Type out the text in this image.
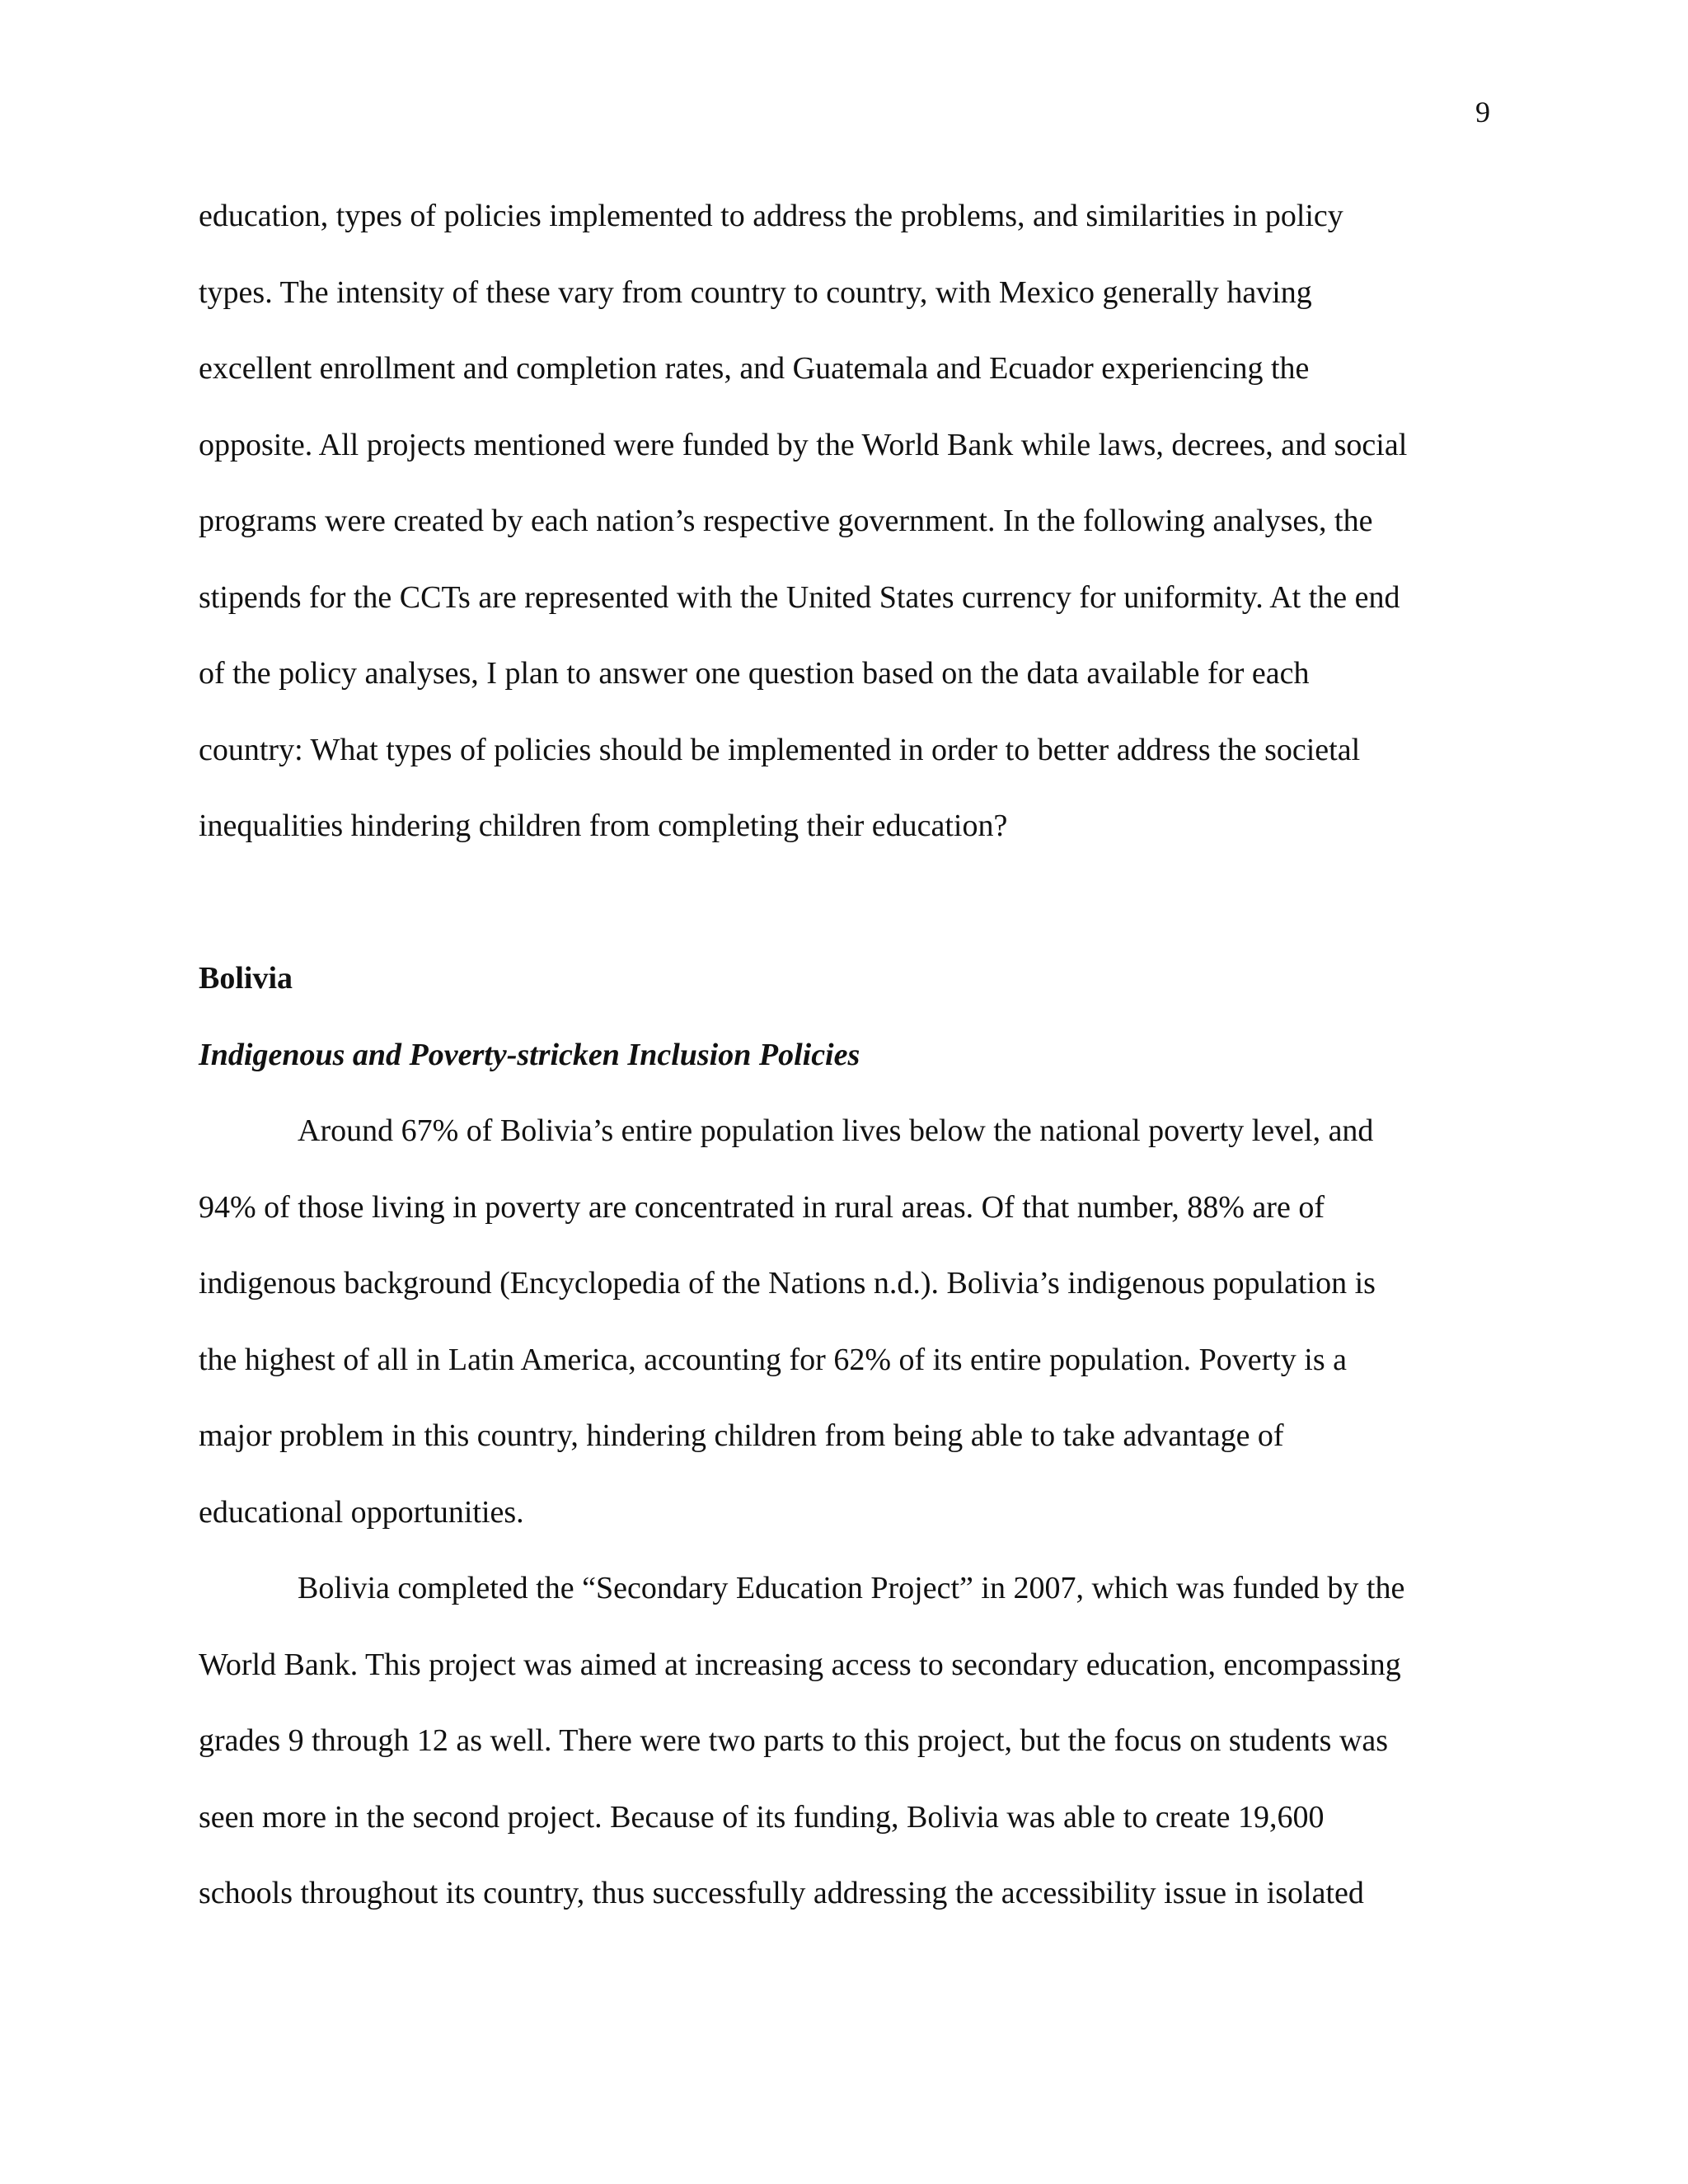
9

education, types of policies implemented to address the problems, and similarities in policy

types. The intensity of these vary from country to country, with Mexico generally having

excellent enrollment and completion rates, and Guatemala and Ecuador experiencing the

opposite. All projects mentioned were funded by the World Bank while laws, decrees, and social

programs were created by each nation’s respective government. In the following analyses, the

stipends for the CCTs are represented with the United States currency for uniformity. At the end

of the policy analyses, I plan to answer one question based on the data available for each

country: What types of policies should be implemented in order to better address the societal

inequalities hindering children from completing their education?

Bolivia
Indigenous and Poverty-stricken Inclusion Policies

Around 67% of Bolivia’s entire population lives below the national poverty level, and

94% of those living in poverty are concentrated in rural areas. Of that number, 88% are of

indigenous background (Encyclopedia of the Nations n.d.). Bolivia’s indigenous population is

the highest of all in Latin America, accounting for 62% of its entire population. Poverty is a

major problem in this country, hindering children from being able to take advantage of

educational opportunities.

Bolivia completed the “Secondary Education Project” in 2007, which was funded by the

World Bank. This project was aimed at increasing access to secondary education, encompassing

grades 9 through 12 as well. There were two parts to this project, but the focus on students was

seen more in the second project. Because of its funding, Bolivia was able to create 19,600

schools throughout its country, thus successfully addressing the accessibility issue in isolated
